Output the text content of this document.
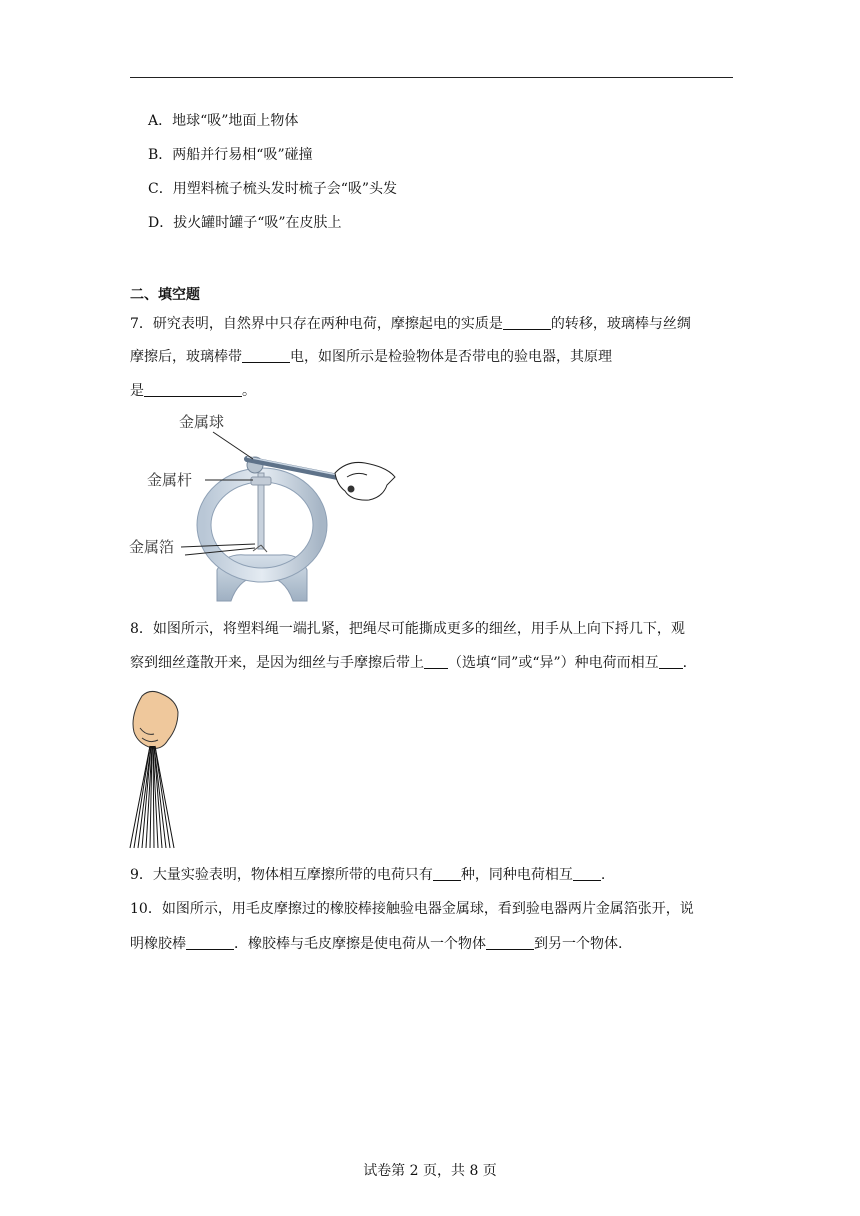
A．地球“吸”地面上物体
B．两船并行易相“吸”碰撞
C．用塑料梳子梳头发时梳子会“吸”头发
D．拔火罐时罐子“吸”在皮肤上
二、填空题
7．研究表明，自然界中只存在两种电荷，摩擦起电的实质是	的转移，玻璃棒与丝绸
摩擦后，玻璃棒带	电，如图所示是检验物体是否带电的验电器，其原理
是	。
金属球
金属杆
金属箔
8．如图所示，将塑料绳一端扎紧，把绳尽可能撕成更多的细丝，用手从上向下捋几下，观
察到细丝蓬散开来，是因为细丝与手摩擦后带上 （选填“同”或“异”）种电荷而相互 .
9．大量实验表明，物体相互摩擦所带的电荷只有 种，同种电荷相互 .
10．如图所示，用毛皮摩擦过的橡胶棒接触验电器金属球，看到验电器两片金属箔张开，说
明橡胶棒	．橡胶棒与毛皮摩擦是使电荷从一个物体	到另一个物体.
试卷第 2 页，共 8 页
